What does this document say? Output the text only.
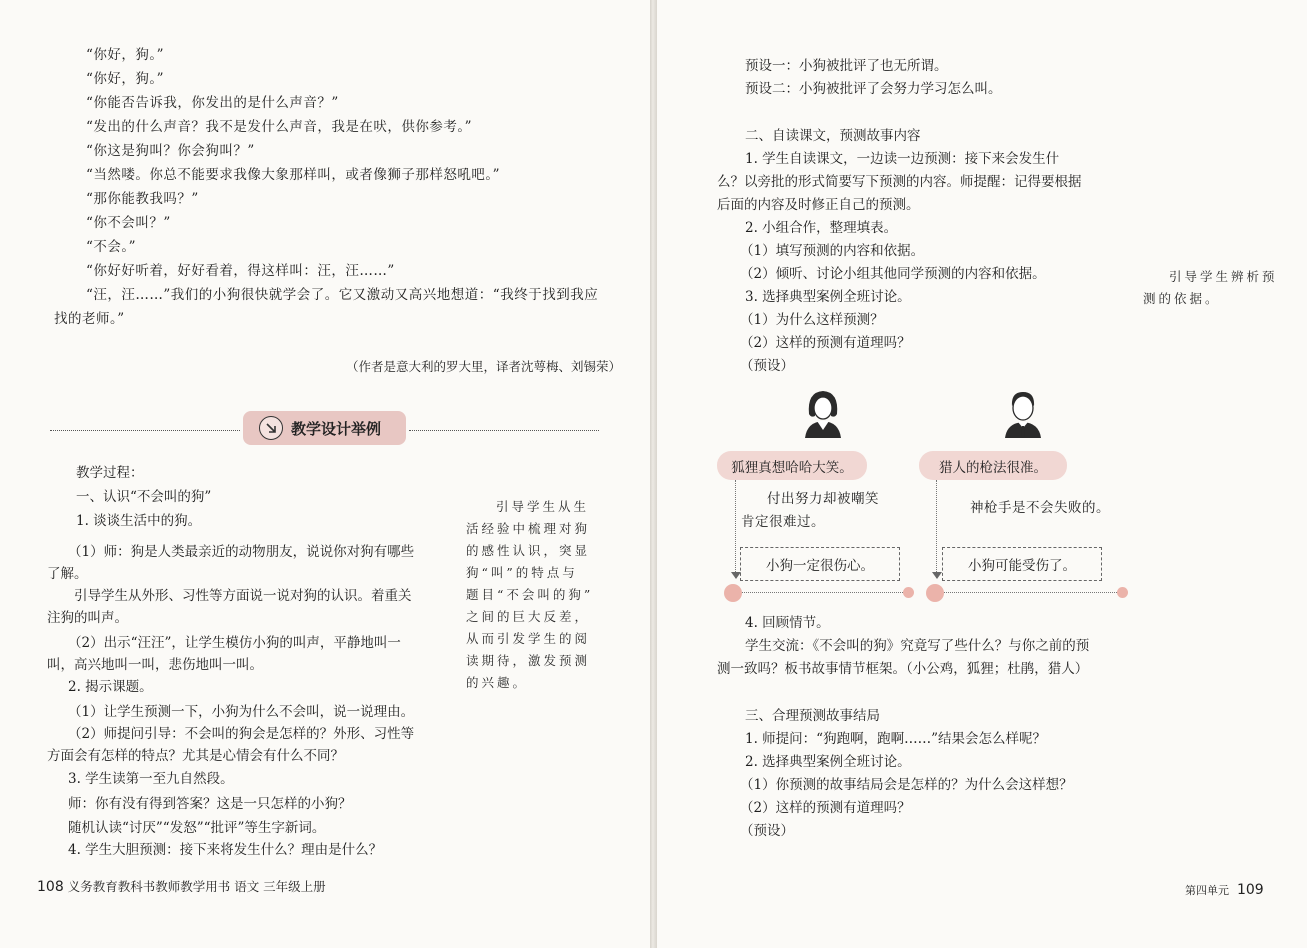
“你好，狗。”
“你好，狗。”
“你能否告诉我，你发出的是什么声音？”
“发出的什么声音？我不是发什么声音，我是在吠，供你参考。”
“你这是狗叫？你会狗叫？”
“当然喽。你总不能要求我像大象那样叫，或者像狮子那样怒吼吧。”
“那你能教我吗？”
“你不会叫？”
“不会。”
“你好好听着，好好看着，得这样叫：汪，汪……”
“汪，汪……”我们的小狗很快就学会了。它又激动又高兴地想道：“我终于找到我应
找的老师。”
（作者是意大利的罗大里，译者沈萼梅、刘锡荣）
教学设计举例
教学过程：
一、认识“不会叫的狗”
1. 谈谈生活中的狗。
（1）师：狗是人类最亲近的动物朋友，说说你对狗有哪些
了解。
引导学生从外形、习性等方面说一说对狗的认识。着重关
注狗的叫声。
（2）出示“汪汪”，让学生模仿小狗的叫声，平静地叫一
叫，高兴地叫一叫，悲伤地叫一叫。
2. 揭示课题。
（1）让学生预测一下，小狗为什么不会叫，说一说理由。
（2）师提问引导：不会叫的狗会是怎样的？外形、习性等
方面会有怎样的特点？尤其是心情会有什么不同？
3. 学生读第一至九自然段。
师：你有没有得到答案？这是一只怎样的小狗？
随机认读“讨厌”“发怒”“批评”等生字新词。
4. 学生大胆预测：接下来将发生什么？理由是什么？
引导学生从生
活经验中梳理对狗
的感性认识，突显
狗“叫”的特点与
题目“不会叫的狗”
之间的巨大反差，
从而引发学生的阅
读期待，激发预测
的兴趣。
108 义务教育教科书教师教学用书 语文 三年级上册
预设一：小狗被批评了也无所谓。
预设二：小狗被批评了会努力学习怎么叫。
二、自读课文，预测故事内容
1. 学生自读课文，一边读一边预测：接下来会发生什
么？以旁批的形式简要写下预测的内容。师提醒：记得要根据
后面的内容及时修正自己的预测。
2. 小组合作，整理填表。
（1）填写预测的内容和依据。
（2）倾听、讨论小组其他同学预测的内容和依据。
3. 选择典型案例全班讨论。
（1）为什么这样预测？
（2）这样的预测有道理吗？
（预设）
引导学生辨析预
测的依据。
狐狸真想哈哈大笑。	猎人的枪法很准。
付出努力却被嘲笑
肯定很难过。
神枪手是不会失败的。
小狗一定很伤心。	小狗可能受伤了。
4. 回顾情节。
学生交流：《不会叫的狗》究竟写了些什么？与你之前的预
测一致吗？板书故事情节框架。（小公鸡，狐狸；杜鹃，猎人）
三、合理预测故事结局
1. 师提问：“狗跑啊，跑啊……”结果会怎么样呢？
2. 选择典型案例全班讨论。
（1）你预测的故事结局会是怎样的？为什么会这样想？
（2）这样的预测有道理吗？
（预设）
第四单元 109
